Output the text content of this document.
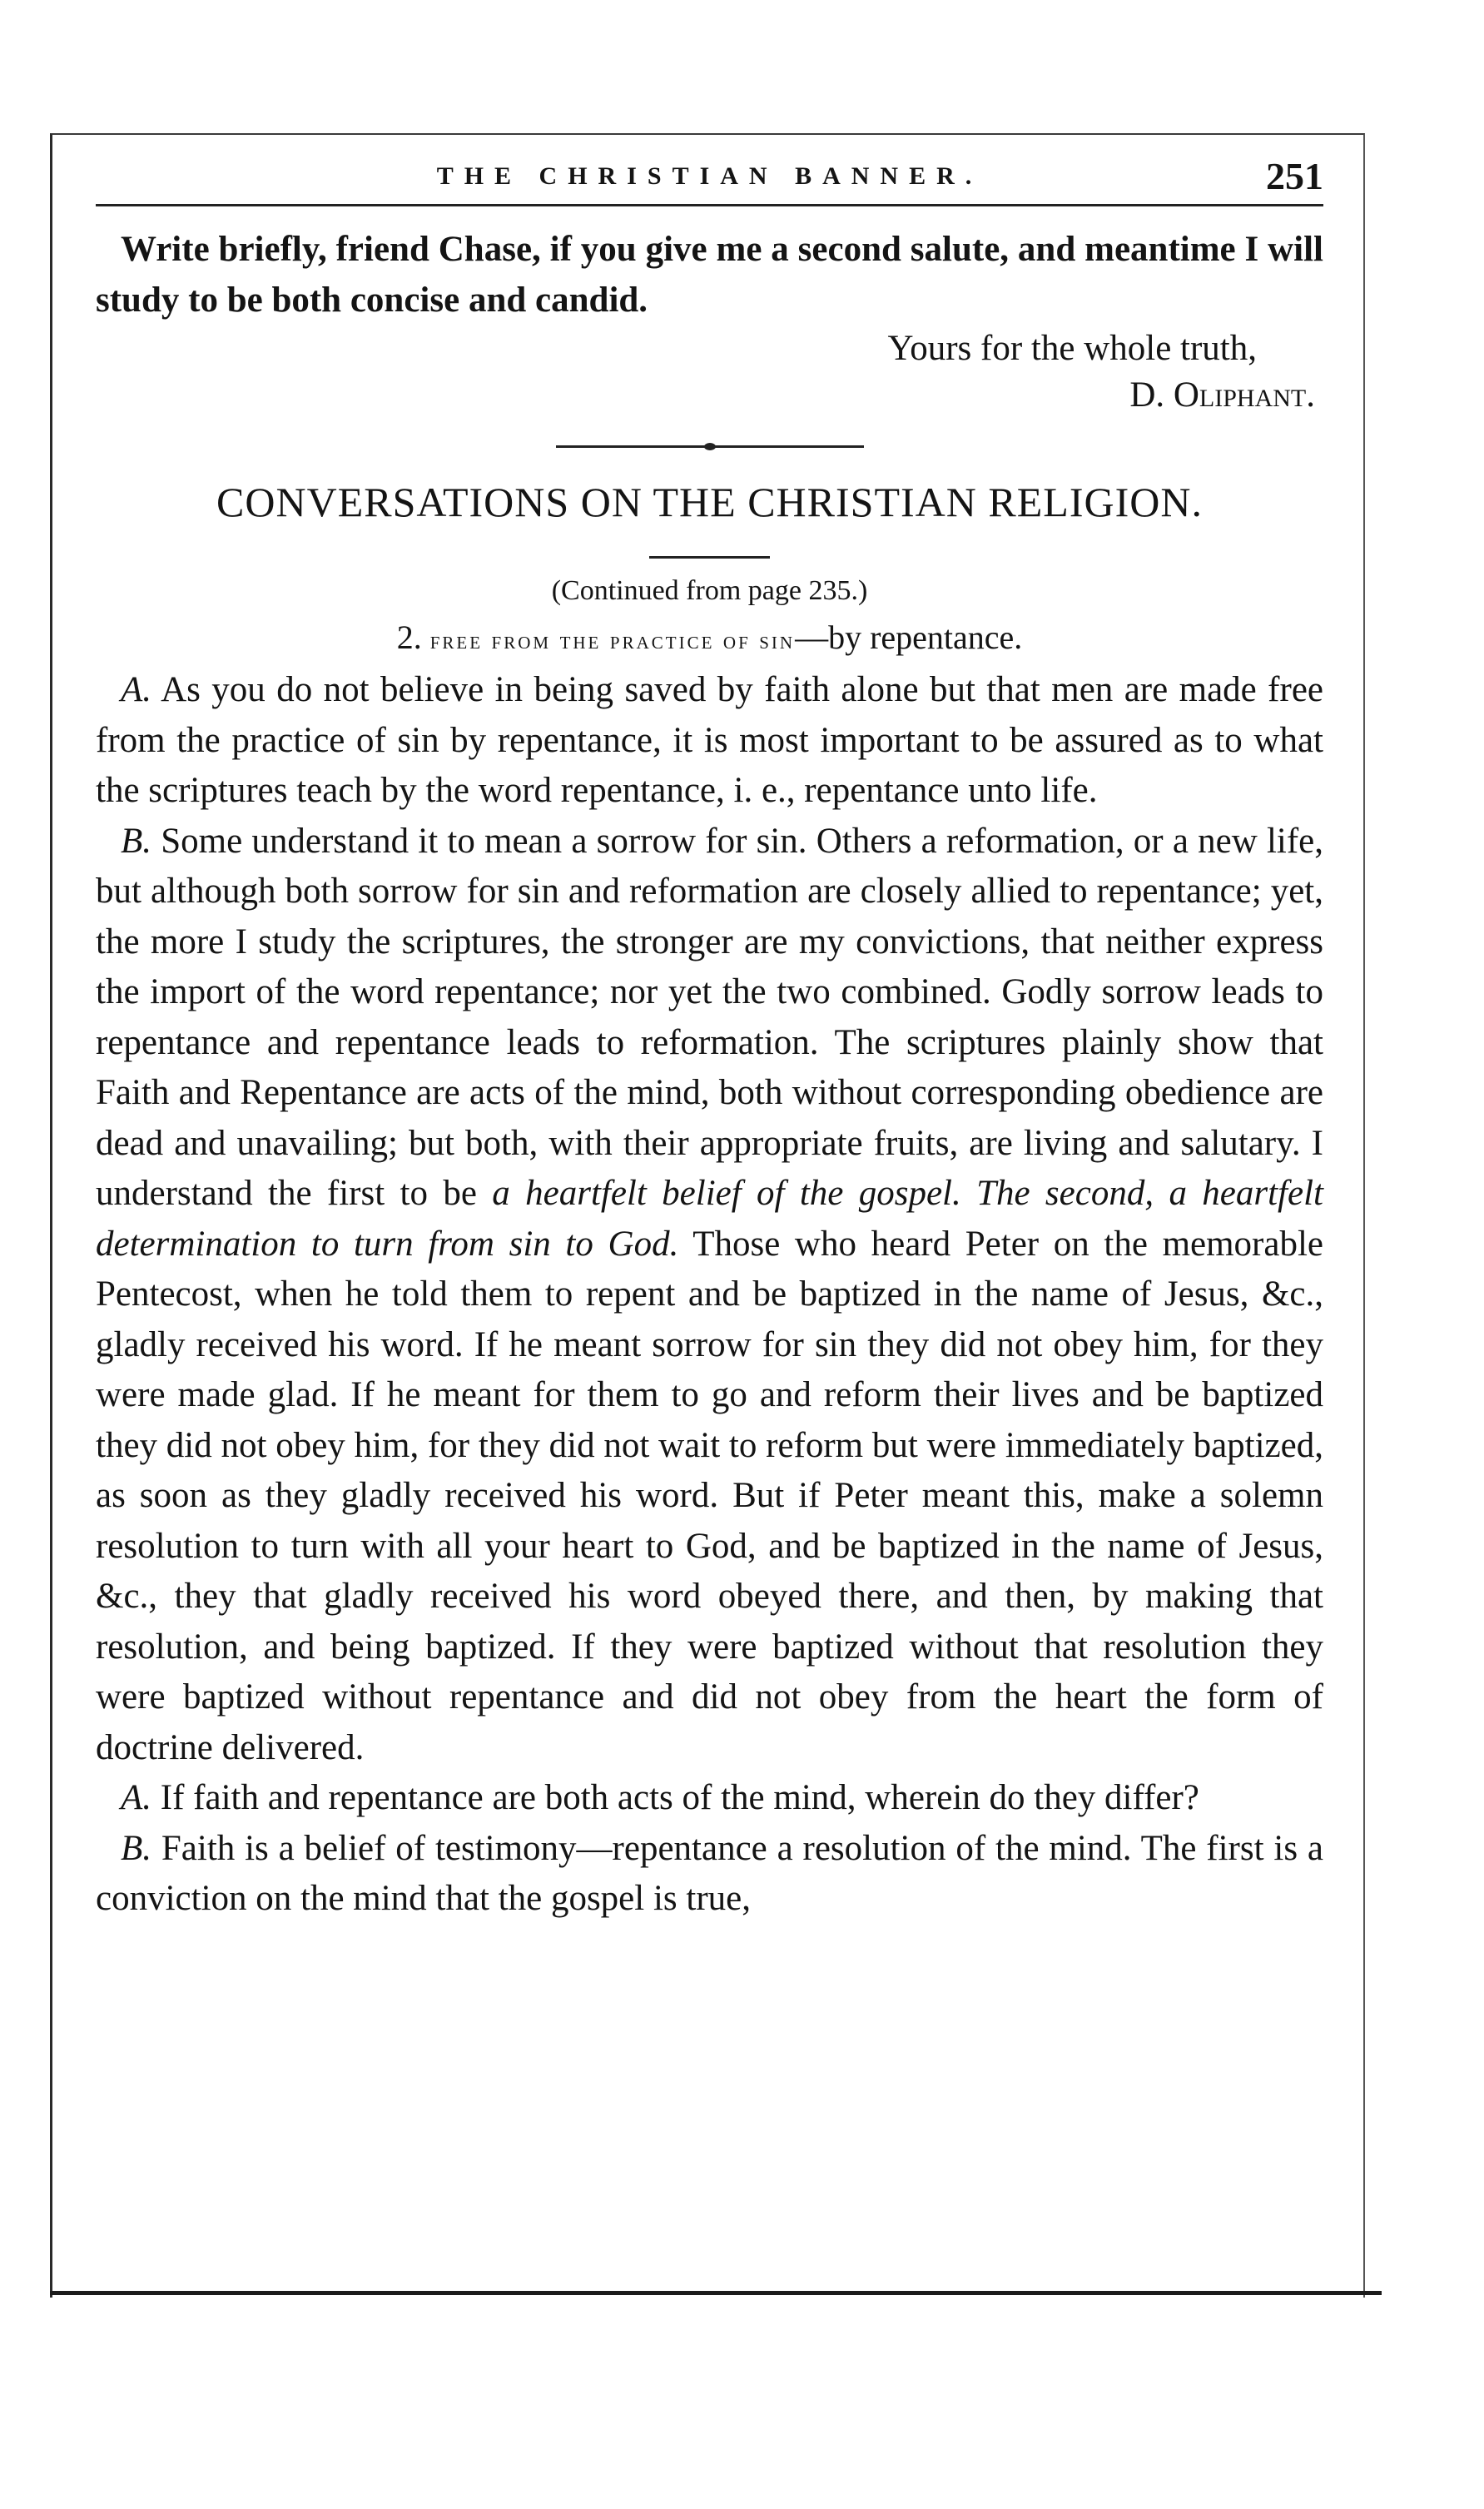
THE CHRISTIAN BANNER.	251

Write briefly, friend Chase, if you give me a second salute, and meantime I will study to be both concise and candid.

Yours for the whole truth,
D. Oliphant.
CONVERSATIONS ON THE CHRISTIAN RELIGION.
(Continued from page 235.)
2. free from the practice of sin—by repentance.

A. As you do not believe in being saved by faith alone but that men are made free from the practice of sin by repentance, it is most important to be assured as to what the scriptures teach by the word repentance, i. e., repentance unto life.

B. Some understand it to mean a sorrow for sin. Others a reformation, or a new life, but although both sorrow for sin and reformation are closely allied to repentance; yet, the more I study the scriptures, the stronger are my convictions, that neither express the import of the word repentance; nor yet the two combined. Godly sorrow leads to repentance and repentance leads to reformation. The scriptures plainly show that Faith and Repentance are acts of the mind, both without corresponding obedience are dead and unavailing; but both, with their appropriate fruits, are living and salutary. I understand the first to be a heartfelt belief of the gospel. The second, a heartfelt determination to turn from sin to God. Those who heard Peter on the memorable Pentecost, when he told them to repent and be baptized in the name of Jesus, &c., gladly received his word. If he meant sorrow for sin they did not obey him, for they were made glad. If he meant for them to go and reform their lives and be baptized they did not obey him, for they did not wait to reform but were immediately baptized, as soon as they gladly received his word. But if Peter meant this, make a solemn resolution to turn with all your heart to God, and be baptized in the name of Jesus, &c., they that gladly received his word obeyed there, and then, by making that resolution, and being baptized. If they were baptized without that resolution they were baptized without repentance and did not obey from the heart the form of doctrine delivered.

A. If faith and repentance are both acts of the mind, wherein do they differ?

B. Faith is a belief of testimony—repentance a resolution of the mind. The first is a conviction on the mind that the gospel is true,
